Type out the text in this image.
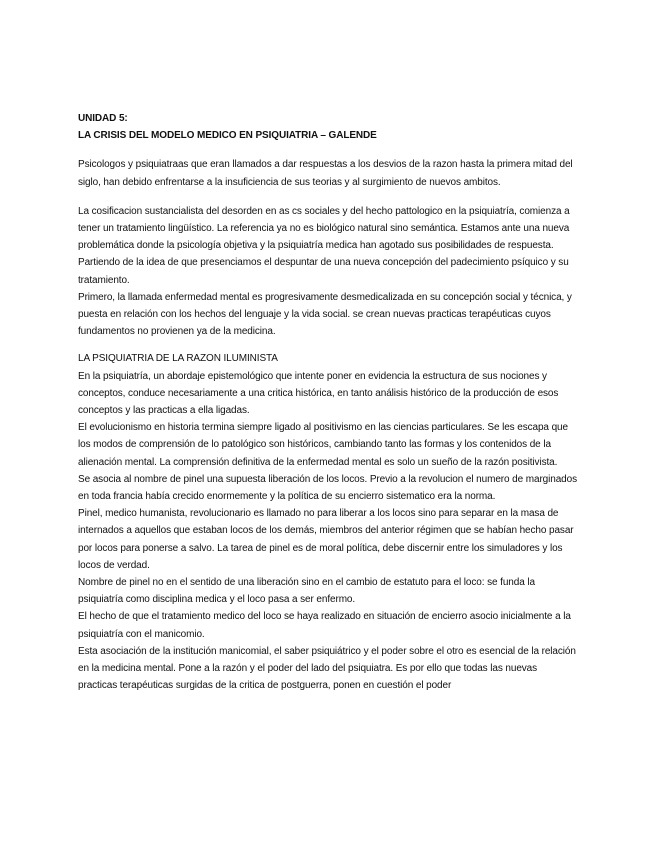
UNIDAD 5:
LA CRISIS DEL MODELO MEDICO EN PSIQUIATRIA – GALENDE

Psicologos y psiquiatraas que eran llamados a dar respuestas a los desvios de la razon hasta la primera mitad del siglo, han debido enfrentarse a la insuficiencia de sus teorias y al surgimiento de nuevos ambitos.

La cosificacion sustancialista del desorden en as cs sociales y del hecho pattologico en la psiquiatría, comienza a tener un tratamiento lingüístico. La referencia ya no es biológico natural sino semántica. Estamos ante una nueva problemática donde la psicología objetiva y la psiquiatría medica han agotado sus posibilidades de respuesta.

Partiendo de la idea de que presenciamos el despuntar de una nueva concepción del padecimiento psíquico y su tratamiento.

Primero, la llamada enfermedad mental es progresivamente desmedicalizada en su concepción social y técnica, y puesta en relación con los hechos del lenguaje y la vida social. se crean nuevas practicas terapéuticas cuyos fundamentos no provienen ya de la medicina.

LA PSIQUIATRIA DE LA RAZON ILUMINISTA

En la psiquiatría, un abordaje epistemológico que intente poner en evidencia la estructura de sus nociones y conceptos, conduce necesariamente a una critica histórica, en tanto análisis histórico de la producción de esos conceptos y las practicas a ella ligadas.

El evolucionismo en historia termina siempre ligado al positivismo en las ciencias particulares. Se les escapa que los modos de comprensión de lo patológico son históricos, cambiando tanto las formas y los contenidos de la alienación mental. La comprensión definitiva de la enfermedad mental es solo un sueño de la razón positivista.

Se asocia al nombre de pinel una supuesta liberación de los locos. Previo a la revolucion el numero de marginados en toda francia había crecido enormemente y la política de su encierro sistematico era la norma.

Pinel, medico humanista, revolucionario es llamado no para liberar a los locos sino para separar en la masa de internados a aquellos que estaban locos de los demás, miembros del anterior régimen que se habían hecho pasar por locos para ponerse a salvo. La tarea de pinel es de moral política, debe discernir entre los simuladores y los locos de verdad.

Nombre de pinel no en el sentido de una liberación sino en el cambio de estatuto para el loco: se funda la psiquiatría como disciplina medica y el loco pasa a ser enfermo.

El hecho de que el tratamiento medico del loco se haya realizado en situación de encierro asocio inicialmente a la psiquiatría con el manicomio.

Esta asociación de la institución manicomial, el saber psiquiátrico y el poder sobre el otro es esencial de la relación en la medicina mental. Pone a la razón y el poder del lado del psiquiatra. Es por ello que todas las nuevas practicas terapéuticas surgidas de la critica de postguerra, ponen en cuestión el poder
